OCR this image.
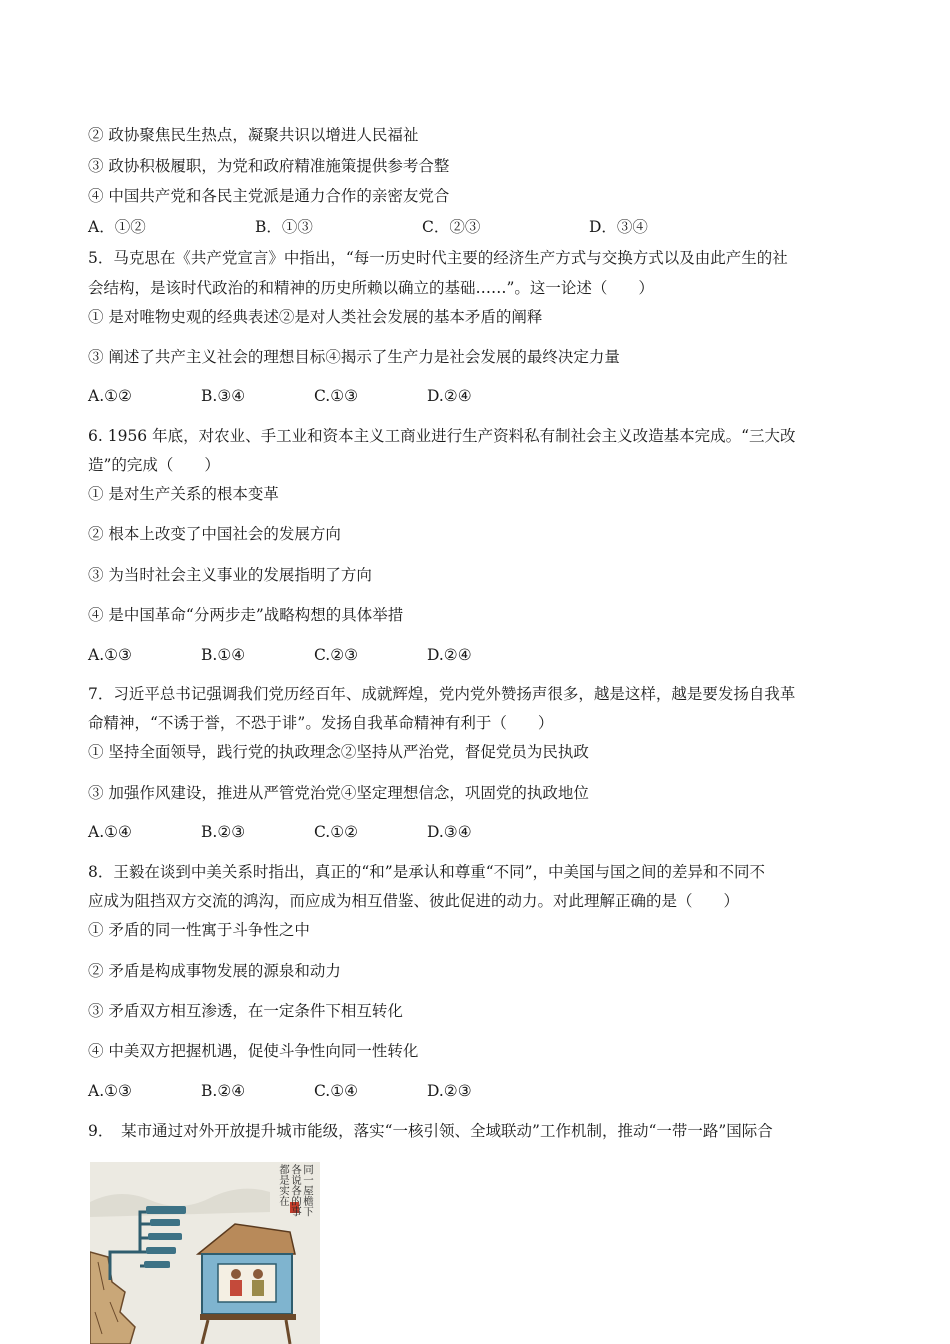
② 政协聚焦民生热点，凝聚共识以增进人民福祉
③ 政协积极履职，为党和政府精准施策提供参考合整
④ 中国共产党和各民主党派是通力合作的亲密友党合
A．①②	B．①③	C．②③	D．③④
5．马克思在《共产党宣言》中指出，“每一历史时代主要的经济生产方式与交换方式以及由此产生的社
会结构，是该时代政治的和精神的历史所赖以确立的基础……”。这一论述（　　）
① 是对唯物史观的经典表述②是对人类社会发展的基本矛盾的阐释
③ 阐述了共产主义社会的理想目标④揭示了生产力是社会发展的最终决定力量
A.①②	B.③④	C.①③	D.②④
6. 1956 年底，对农业、手工业和资本主义工商业进行生产资料私有制社会主义改造基本完成。“三大改
造”的完成（　　）
① 是对生产关系的根本变革
② 根本上改变了中国社会的发展方向
③ 为当时社会主义事业的发展指明了方向
④ 是中国革命“分两步走”战略构想的具体举措
A.①③	B.①④	C.②③	D.②④
7．习近平总书记强调我们党历经百年、成就辉煌，党内党外赞扬声很多，越是这样，越是要发扬自我革
命精神，“不诱于誉，不恐于诽”。发扬自我革命精神有利于（　　）
① 坚持全面领导，践行党的执政理念②坚持从严治党，督促党员为民执政
③ 加强作风建设，推进从严管党治党④坚定理想信念，巩固党的执政地位
A.①④	B.②③	C.①②	D.③④
8．王毅在谈到中美关系时指出，真正的“和”是承认和尊重“不同”，中美国与国之间的差异和不同不
应成为阻挡双方交流的鸿沟，而应成为相互借鉴、彼此促进的动力。对此理解正确的是（　　）
① 矛盾的同一性寓于斗争性之中
② 矛盾是构成事物发展的源泉和动力
③ 矛盾双方相互渗透，在一定条件下相互转化
④ 中美双方把握机遇，促使斗争性向同一性转化
A.①③	B.②④	C.①④	D.②③
9．　某市通过对外开放提升城市能级，落实“一核引领、全域联动”工作机制，推动“一带一路”国际合
同一屋檐下 各说各的事 都是实在
